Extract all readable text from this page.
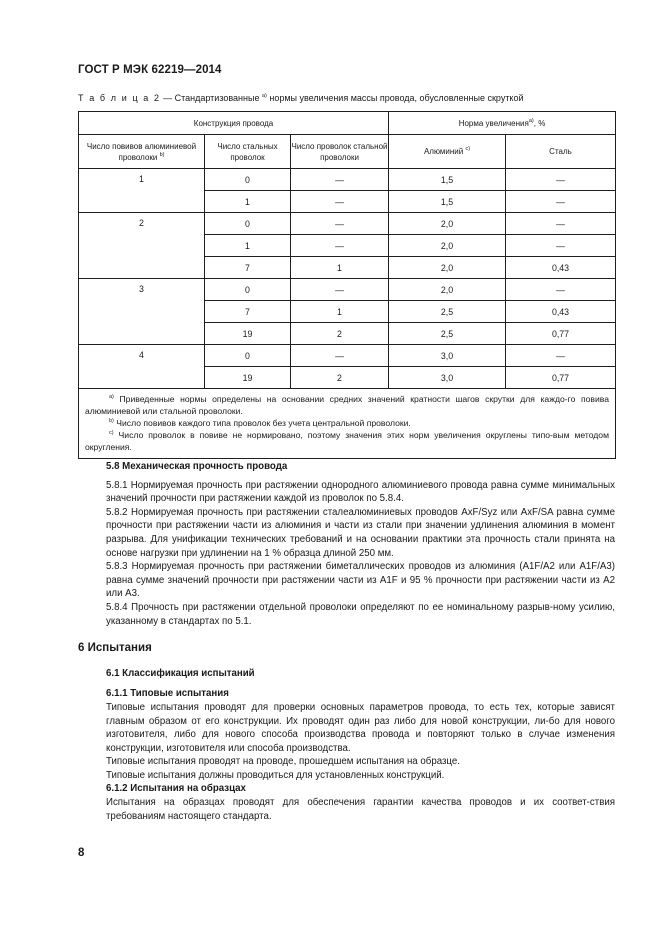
ГОСТ Р МЭК 62219—2014
Т а б л и ц а 2 — Стандартизованные $^{а)}$ нормы увеличения массы провода, обусловленные скруткой
Конструкция провода			Норма увеличения$^{а)}$, %	
Число повивов алюминиевой проволоки $^{b)}$	Число стальных проволок	Число проволок стальной проволоки	Алюминий $^{c)}$	Сталь
1	0	—	1,5	—
	1	—	1,5	—
2	0	—	2,0	—
	1	—	2,0	—
	7	1	2,0	0,43
3	0	—	2,0	—
	7	1	2,5	0,43
	19	2	2,5	0,77
4	0	—	3,0	—
	19	2	3,0	0,77

$^{а)}$ Приведенные нормы определены на основании средних значений кратности шагов скрутки для каждо-го повива алюминиевой или стальной проволоки.

$^{b)}$ Число повивов каждого типа проволок без учета центральной проволоки.

$^{c)}$ Число проволок в повиве не нормировано, поэтому значения этих норм увеличения округлены типо-вым методом округления.				

5.8 Механическая прочность провода

5.8.1 Нормируемая прочность при растяжении однородного алюминиевого провода равна сумме минимальных значений прочности при растяжении каждой из проволок по 5.8.4.

5.8.2 Нормируемая прочность при растяжении сталеалюминиевых проводов AxF/Syz или AxF/SA равна сумме прочности при растяжении части из алюминия и части из стали при значении удлинения алюминия в момент разрыва. Для унификации технических требований и на основании практики эта прочность стали принята на основе нагрузки при удлинении на 1 % образца длиной 250 мм.

5.8.3 Нормируемая прочность при растяжении биметаллических проводов из алюминия (A1F/A2 или A1F/A3) равна сумме значений прочности при растяжении части из A1F и 95 % прочности при растяжении части из A2 или A3.

5.8.4 Прочность при растяжении отдельной проволоки определяют по ее номинальному разрыв-ному усилию, указанному в стандартах по 5.1.

6 Испытания

6.1 Классификация испытаний

6.1.1 Типовые испытания

Типовые испытания проводят для проверки основных параметров провода, то есть тех, которые зависят главным образом от его конструкции. Их проводят один раз либо для новой конструкции, ли-бо для нового изготовителя, либо для нового способа производства провода и повторяют только в случае изменения конструкции, изготовителя или способа производства.

Типовые испытания проводят на проводе, прошедшем испытания на образце.

Типовые испытания должны проводиться для установленных конструкций.

6.1.2 Испытания на образцах

Испытания на образцах проводят для обеспечения гарантии качества проводов и их соответ-ствия требованиям настоящего стандарта.

8
